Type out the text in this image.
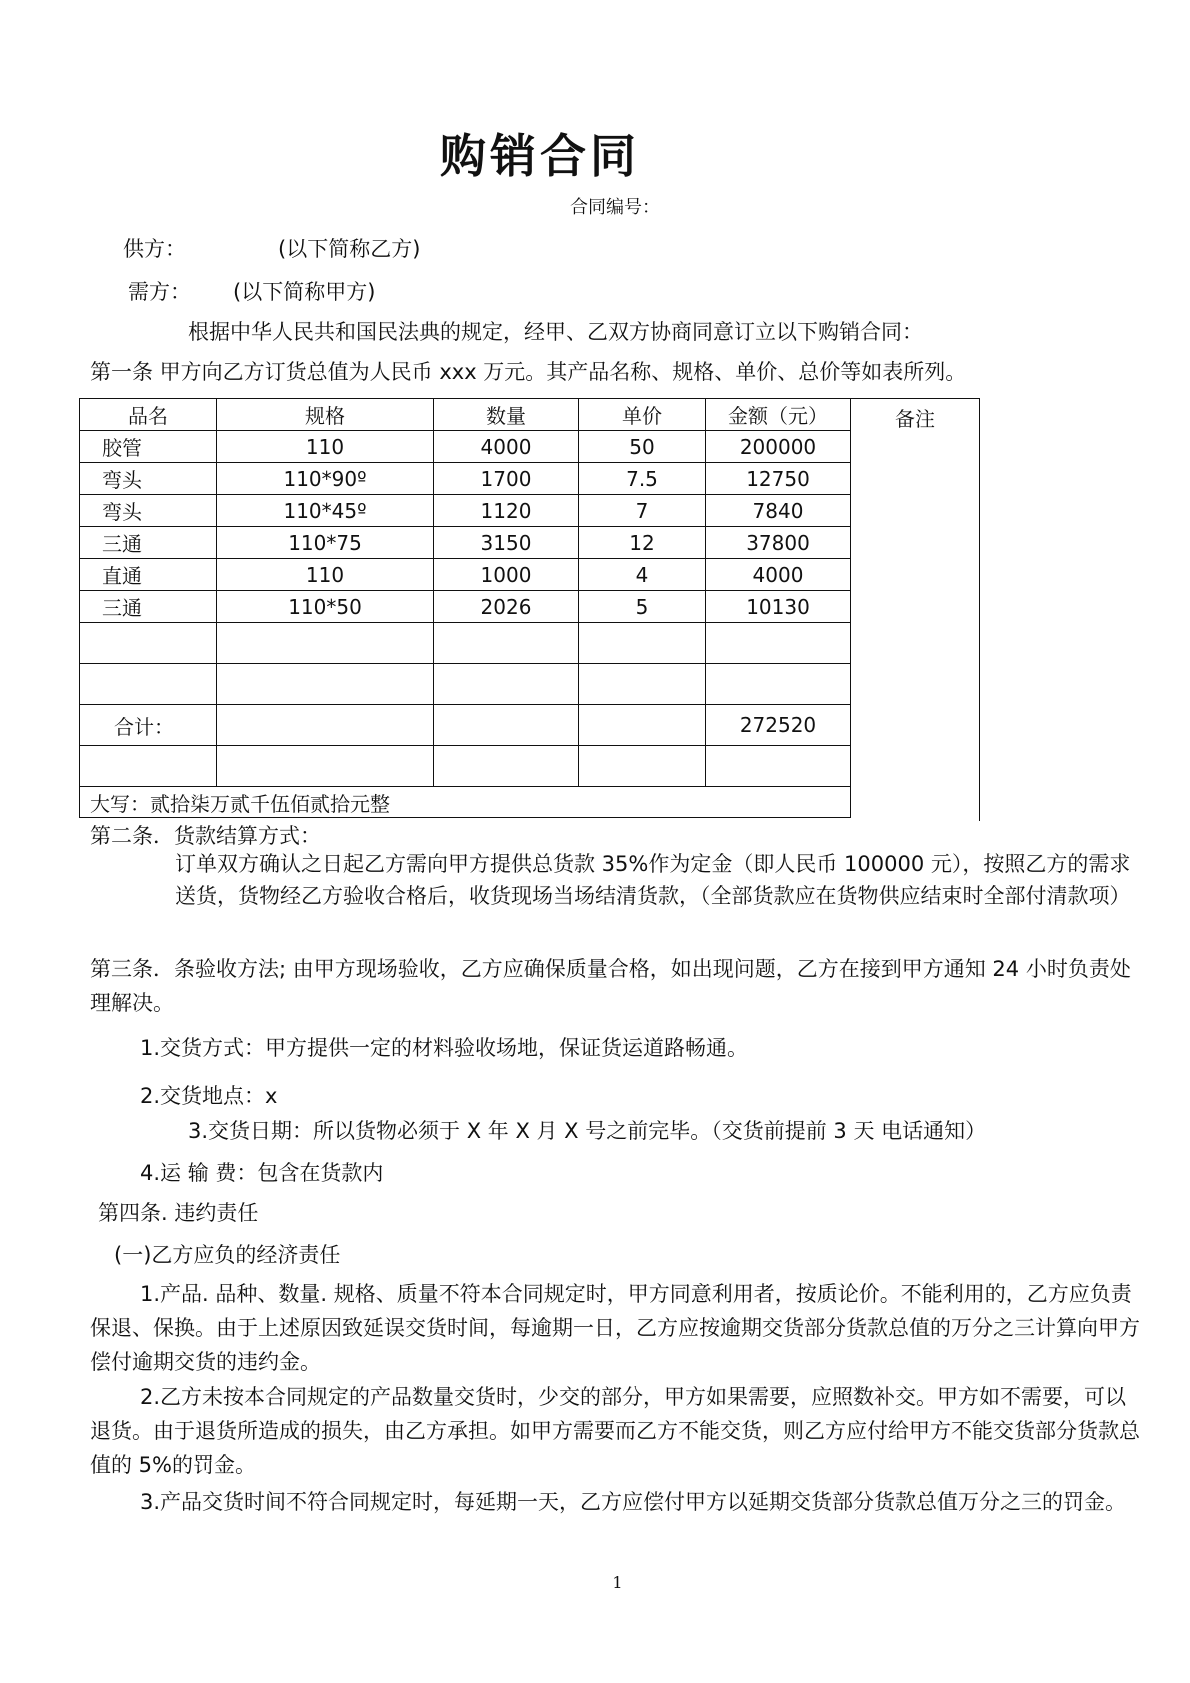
购销合同
合同编号：
供方：	(以下简称乙方)
需方： (以下简称甲方)
根据中华人民共和国民法典的规定，经甲、乙双方协商同意订立以下购销合同：
第一条 甲方向乙方订货总值为人民币 xxx 万元。其产品名称、规格、单价、总价等如表所列。
备注
品名	规格	数量	单价	金额（元）
胶管	110	4000	50	200000
弯头	110*90º	1700	7.5	12750
弯头	110*45º	1120	7	7840
三通	110*75	3150	12	37800
直通	110	1000	4	4000
三通	110*50	2026	5	10130

合计：				272520

大写：贰拾柒万贰千伍佰贰拾元整				
第二条．货款结算方式：
订单双方确认之日起乙方需向甲方提供总货款 35%作为定金（即人民币 100000 元），按照乙方的需求送货，货物经乙方验收合格后，收货现场当场结清货款，（全部货款应在货物供应结束时全部付清款项）
第三条．条验收方法; 由甲方现场验收，乙方应确保质量合格，如出现问题，乙方在接到甲方通知 24 小时负责处理解决。
1.交货方式：甲方提供一定的材料验收场地，保证货运道路畅通。
2.交货地点：x
3.交货日期：所以货物必须于 X 年 X 月 X 号之前完毕。（交货前提前 3 天 电话通知）
4.运 输 费：包含在货款内
第四条. 违约责任
(一)乙方应负的经济责任
1.产品. 品种、数量. 规格、质量不符本合同规定时，甲方同意利用者，按质论价。不能利用的，乙方应负责保退、保换。由于上述原因致延误交货时间，每逾期一日，乙方应按逾期交货部分货款总值的万分之三计算向甲方偿付逾期交货的违约金。
2.乙方未按本合同规定的产品数量交货时，少交的部分，甲方如果需要，应照数补交。甲方如不需要，可以退货。由于退货所造成的损失，由乙方承担。如甲方需要而乙方不能交货，则乙方应付给甲方不能交货部分货款总值的 5%的罚金。
3.产品交货时间不符合同规定时，每延期一天，乙方应偿付甲方以延期交货部分货款总值万分之三的罚金。
1
